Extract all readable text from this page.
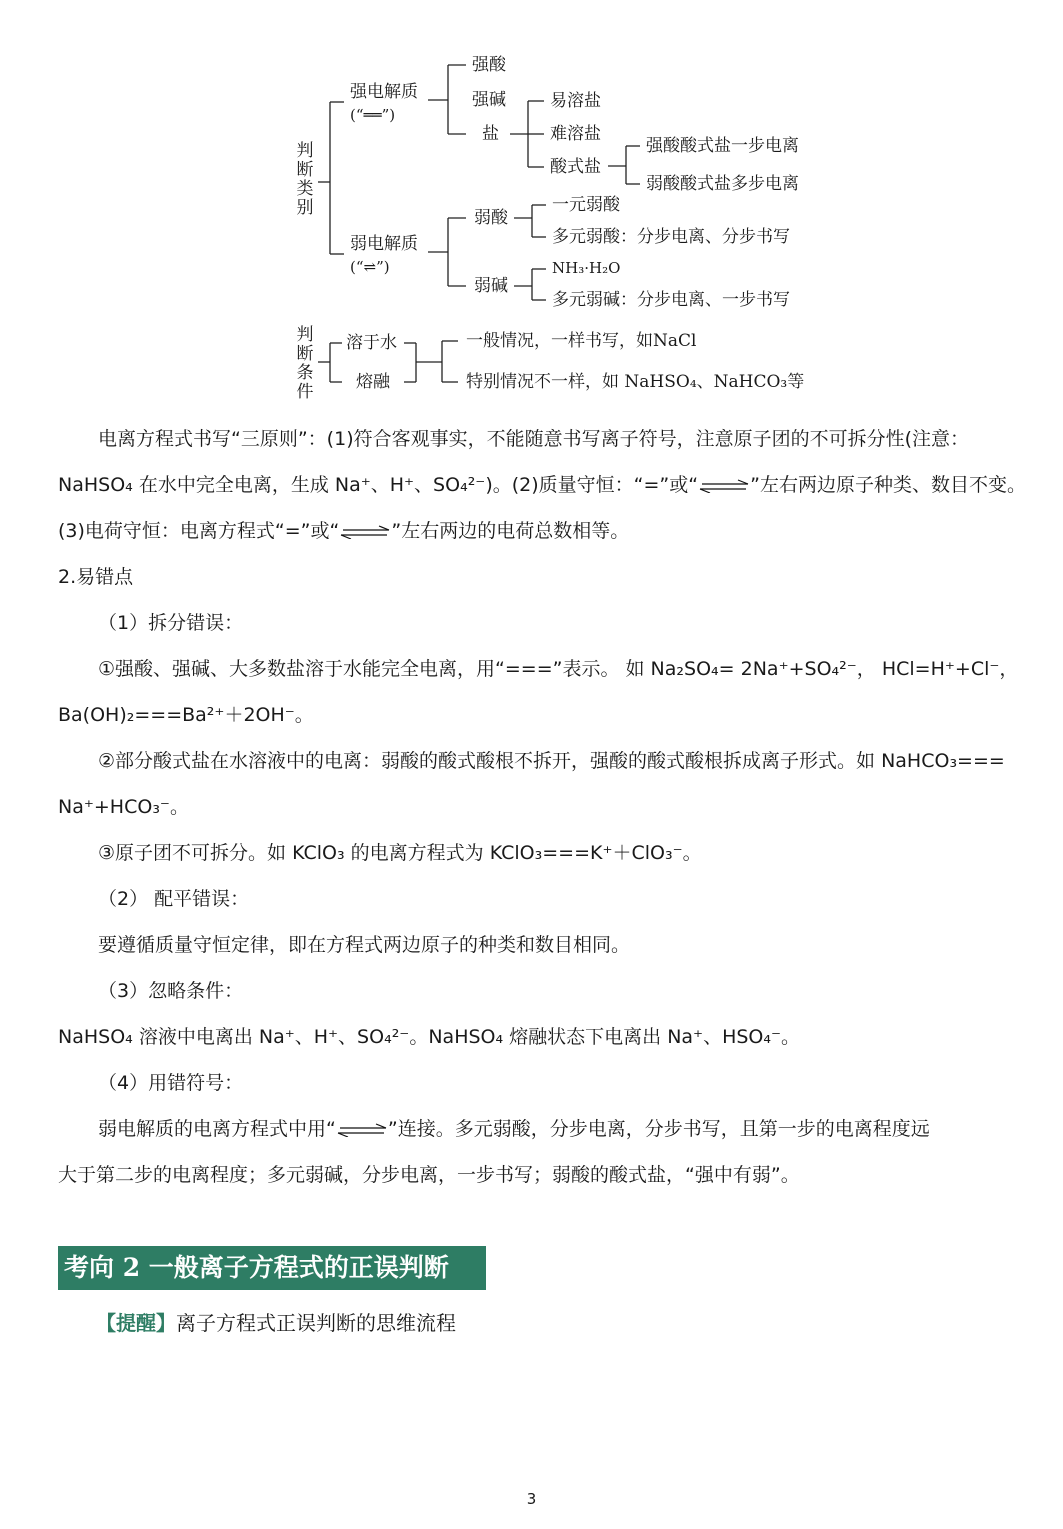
判断类别
判断条件
强电解质
(“══”)
弱电解质
(“⇌”)
强酸
强碱
盐
易溶盐
难溶盐
酸式盐
强酸酸式盐一步电离
弱酸酸式盐多步电离
弱酸
一元弱酸
多元弱酸：分步电离、分步书写
弱碱
NH₃·H₂O
多元弱碱：分步电离、一步书写
溶于水
熔融
一般情况，一样书写，如NaCl
特别情况不一样，如 NaHSO₄、NaHCO₃等
电离方程式书写“三原则”：(1)符合客观事实，不能随意书写离子符号，注意原子团的不可拆分性(注意：
NaHSO₄ 在水中完全电离，生成 Na⁺、H⁺、SO₄²⁻)。(2)质量守恒：“=”或“⇌”左右两边原子种类、数目不变。
(3)电荷守恒：电离方程式“=”或“⇌”左右两边的电荷总数相等。
2.易错点
（1）拆分错误：
①强酸、强碱、大多数盐溶于水能完全电离，用“===”表示。 如 Na₂SO₄= 2Na⁺+SO₄²⁻， HCl=H⁺+Cl⁻，
Ba(OH)₂===Ba²⁺＋2OH⁻。
②部分酸式盐在水溶液中的电离：弱酸的酸式酸根不拆开，强酸的酸式酸根拆成离子形式。如 NaHCO₃===
Na⁺+HCO₃⁻。
③原子团不可拆分。如 KClO₃ 的电离方程式为 KClO₃===K⁺＋ClO₃⁻。
（2） 配平错误：
要遵循质量守恒定律，即在方程式两边原子的种类和数目相同。
（3）忽略条件：
NaHSO₄ 溶液中电离出 Na⁺、H⁺、SO₄²⁻。NaHSO₄ 熔融状态下电离出 Na⁺、HSO₄⁻。
（4）用错符号：
弱电解质的电离方程式中用“⇌”连接。多元弱酸，分步电离，分步书写，且第一步的电离程度远
大于第二步的电离程度；多元弱碱，分步电离，一步书写；弱酸的酸式盐，“强中有弱”。
考向 2 一般离子方程式的正误判断
【提醒】离子方程式正误判断的思维流程
3
